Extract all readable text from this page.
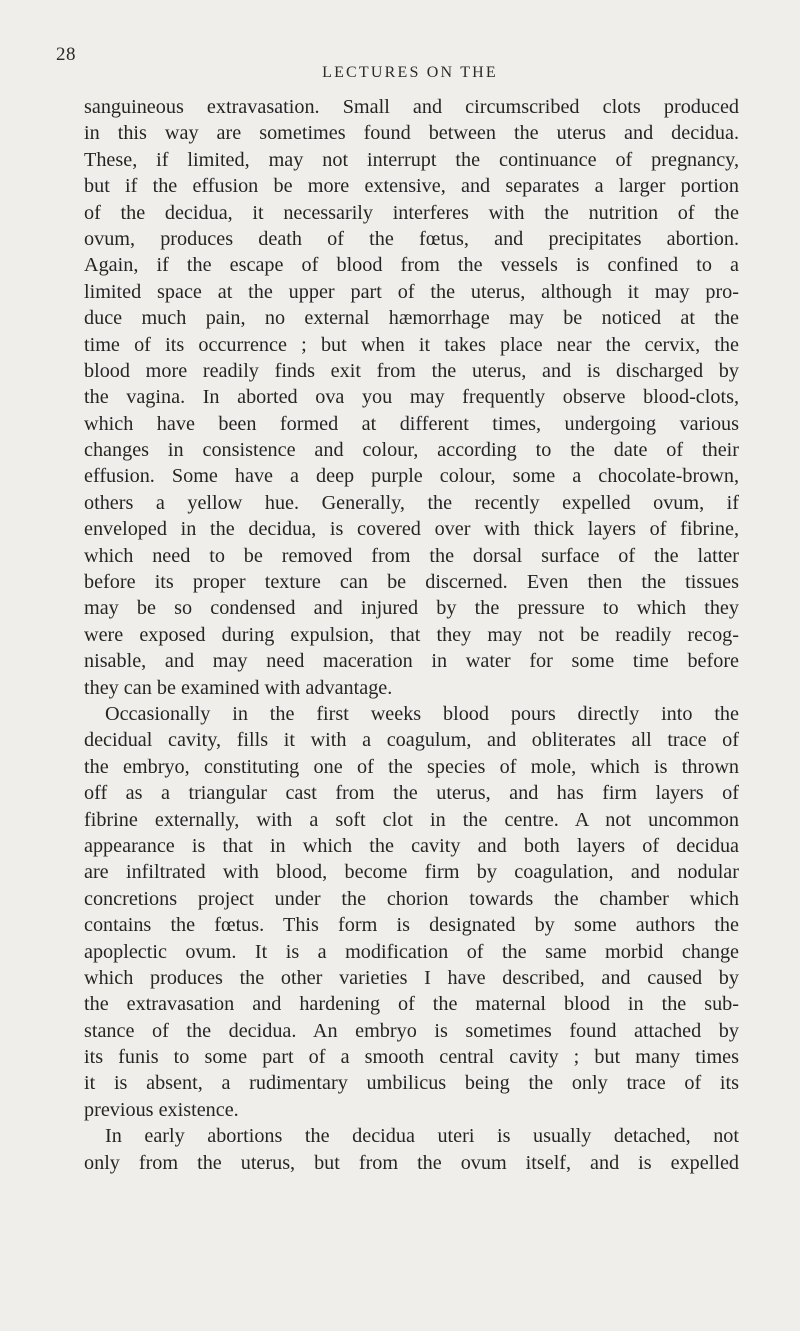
28
LECTURES ON THE
sanguineous extravasation. Small and circumscribed clots produced
in this way are sometimes found between the uterus and decidua.
These, if limited, may not interrupt the continuance of pregnancy,
but if the effusion be more extensive, and separates a larger portion
of the decidua, it necessarily interferes with the nutrition of the
ovum, produces death of the fœtus, and precipitates abortion.
Again, if the escape of blood from the vessels is confined to a
limited space at the upper part of the uterus, although it may pro-
duce much pain, no external hæmorrhage may be noticed at the
time of its occurrence ; but when it takes place near the cervix, the
blood more readily finds exit from the uterus, and is discharged by
the vagina. In aborted ova you may frequently observe blood-clots,
which have been formed at different times, undergoing various
changes in consistence and colour, according to the date of their
effusion. Some have a deep purple colour, some a chocolate-brown,
others a yellow hue. Generally, the recently expelled ovum, if
enveloped in the decidua, is covered over with thick layers of fibrine,
which need to be removed from the dorsal surface of the latter
before its proper texture can be discerned. Even then the tissues
may be so condensed and injured by the pressure to which they
were exposed during expulsion, that they may not be readily recog-
nisable, and may need maceration in water for some time before
they can be examined with advantage.
Occasionally in the first weeks blood pours directly into the
decidual cavity, fills it with a coagulum, and obliterates all trace of
the embryo, constituting one of the species of mole, which is thrown
off as a triangular cast from the uterus, and has firm layers of
fibrine externally, with a soft clot in the centre. A not uncommon
appearance is that in which the cavity and both layers of decidua
are infiltrated with blood, become firm by coagulation, and nodular
concretions project under the chorion towards the chamber which
contains the fœtus. This form is designated by some authors the
apoplectic ovum. It is a modification of the same morbid change
which produces the other varieties I have described, and caused by
the extravasation and hardening of the maternal blood in the sub-
stance of the decidua. An embryo is sometimes found attached by
its funis to some part of a smooth central cavity ; but many times
it is absent, a rudimentary umbilicus being the only trace of its
previous existence.
In early abortions the decidua uteri is usually detached, not
only from the uterus, but from the ovum itself, and is expelled
